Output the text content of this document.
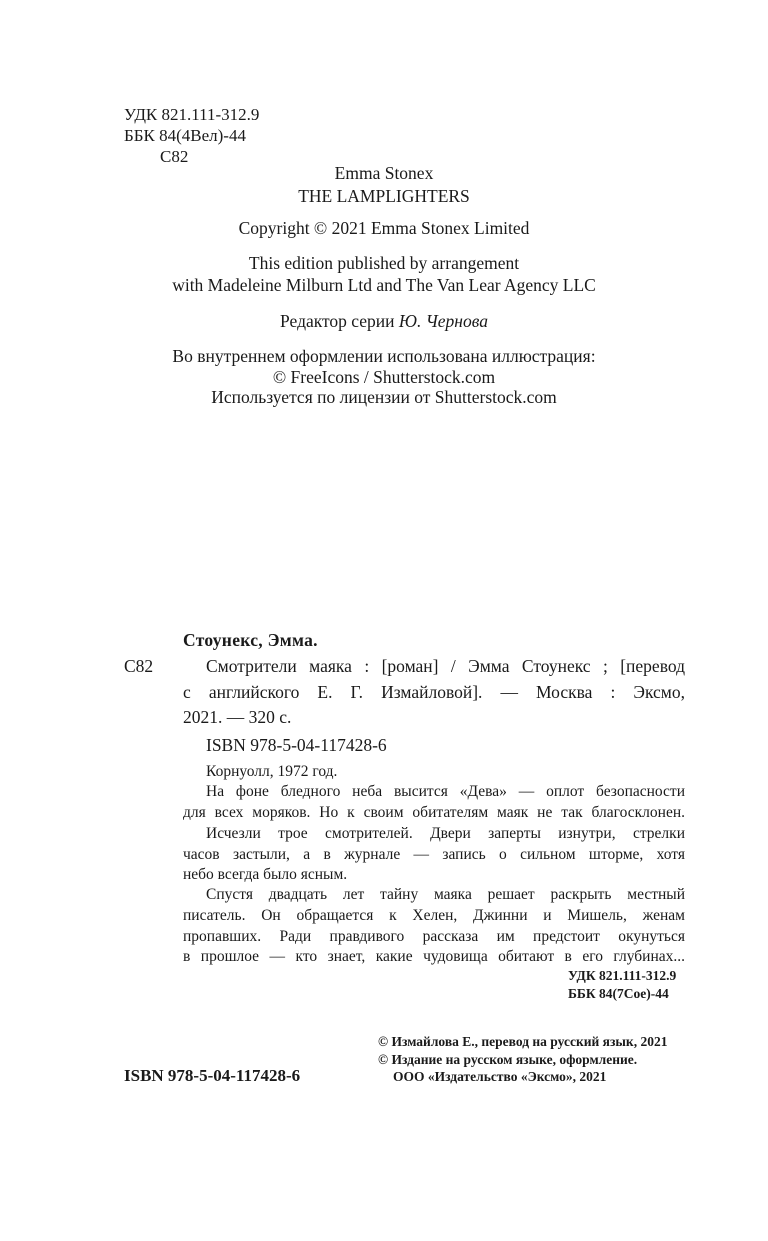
УДК 821.111-312.9
ББК 84(4Вел)-44
С82
Emma Stonex
THE LAMPLIGHTERS
Copyright © 2021 Emma Stonex Limited
This edition published by arrangement
with Madeleine Milburn Ltd and The Van Lear Agency LLC
Редактор серии Ю. Чернова
Во внутреннем оформлении использована иллюстрация:
© FreeIcons / Shutterstock.com
Используется по лицензии от Shutterstock.com
Стоунекс, Эмма.
С82	Смотрители маяка : [роман] / Эмма Стоунекс ; [перевод
с английского Е. Г. Измайловой]. — Москва : Эксмо,
2021. — 320 с.
ISBN 978-5-04-117428-6
Корнуолл, 1972 год.
На фоне бледного неба высится «Дева» — оплот безопасности
для всех моряков. Но к своим обитателям маяк не так благосклонен.
Исчезли трое смотрителей. Двери заперты изнутри, стрелки
часов застыли, а в журнале — запись о сильном шторме, хотя
небо всегда было ясным.
Спустя двадцать лет тайну маяка решает раскрыть местный
писатель. Он обращается к Хелен, Джинни и Мишель, женам
пропавших. Ради правдивого рассказа им предстоит окунуться
в прошлое — кто знает, какие чудовища обитают в его глубинах...
УДК 821.111-312.9
ББК 84(7Сое)-44
ISBN 978-5-04-117428-6
© Измайлова Е., перевод на русский язык, 2021
© Издание на русском языке, оформление.
ООО «Издательство «Эксмо», 2021
